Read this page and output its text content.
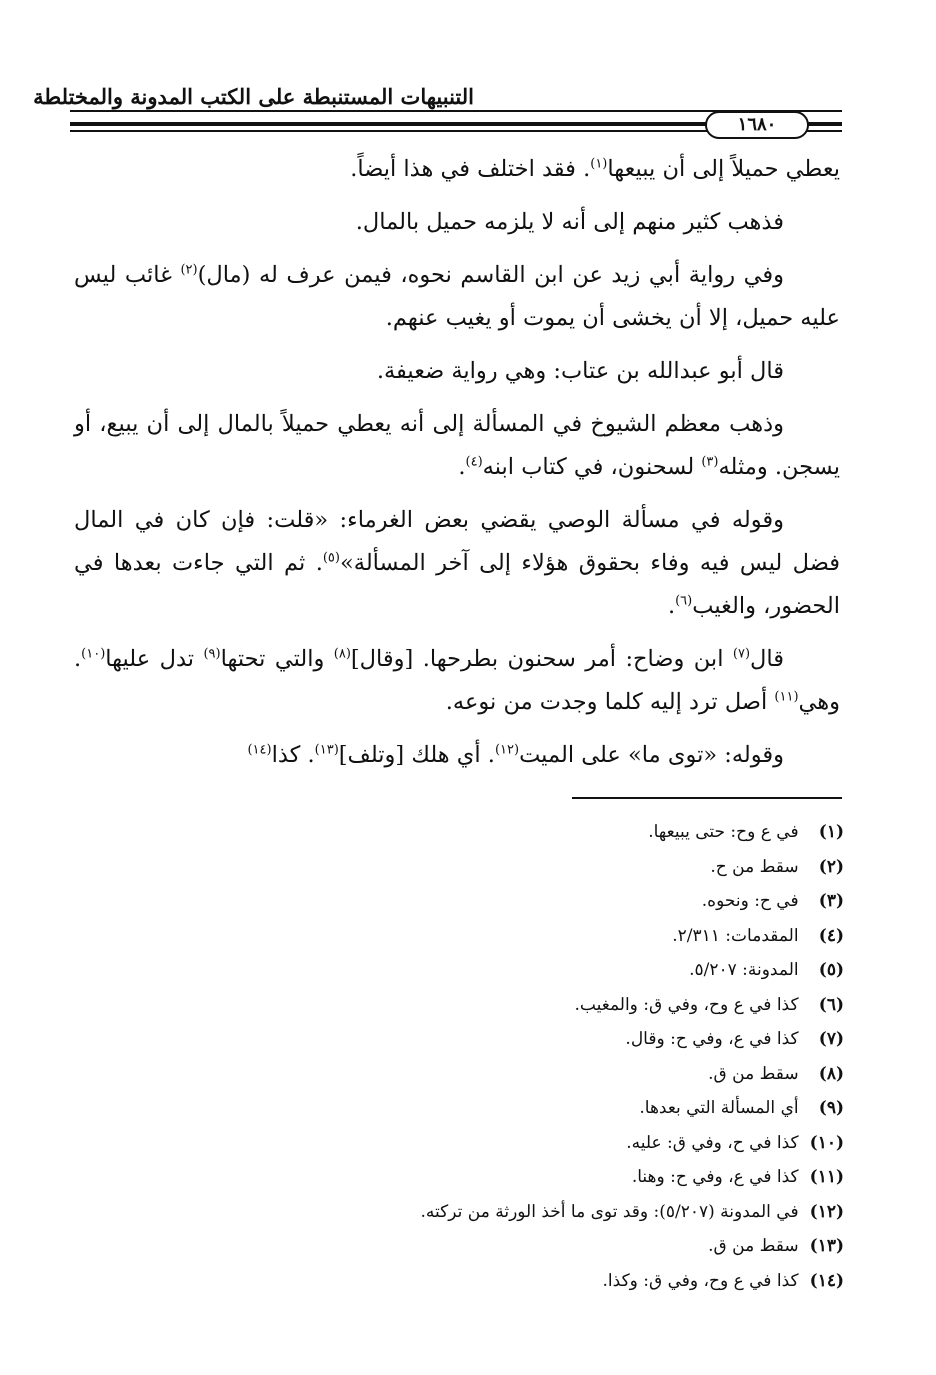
التنبيهات المستنبطة على الكتب المدونة والمختلطة
١٦٨٠

يعطي حميلاً إلى أن يبيعها$^{(١)}$. فقد اختلف في هذا أيضاً.

فذهب كثير منهم إلى أنه لا يلزمه حميل بالمال.

وفي رواية أبي زيد عن ابن القاسم نحوه، فيمن عرف له (مال)$^{(٢)}$ غائب ليس عليه حميل، إلا أن يخشى أن يموت أو يغيب عنهم.

قال أبو عبدالله بن عتاب: وهي رواية ضعيفة.

وذهب معظم الشيوخ في المسألة إلى أنه يعطي حميلاً بالمال إلى أن يبيع، أو يسجن. ومثله$^{(٣)}$ لسحنون، في كتاب ابنه$^{(٤)}$.

وقوله في مسألة الوصي يقضي بعض الغرماء: «قلت: فإن كان في المال فضل ليس فيه وفاء بحقوق هؤلاء إلى آخر المسألة»$^{(٥)}$. ثم التي جاءت بعدها في الحضور، والغيب$^{(٦)}$.

قال$^{(٧)}$ ابن وضاح: أمر سحنون بطرحها. [وقال]$^{(٨)}$ والتي تحتها$^{(٩)}$ تدل عليها$^{(١٠)}$. وهي$^{(١١)}$ أصل ترد إليه كلما وجدت من نوعه.

وقوله: «توى ما» على الميت$^{(١٢)}$. أي هلك [وتلف]$^{(١٣)}$. كذا$^{(١٤)}$

(١) في ع وح: حتى يبيعها.
(٢) سقط من ح.
(٣) في ح: ونحوه.
(٤) المقدمات: ٢/٣١١.
(٥) المدونة: ٥/٢٠٧.
(٦) كذا في ع وح، وفي ق: والمغيب.
(٧) كذا في ع، وفي ح: وقال.
(٨) سقط من ق.
(٩) أي المسألة التي بعدها.
(١٠) كذا في ح، وفي ق: عليه.
(١١) كذا في ع، وفي ح: وهنا.
(١٢) في المدونة (٥/٢٠٧): وقد توى ما أخذ الورثة من تركته.
(١٣) سقط من ق.
(١٤) كذا في ع وح، وفي ق: وكذا.
